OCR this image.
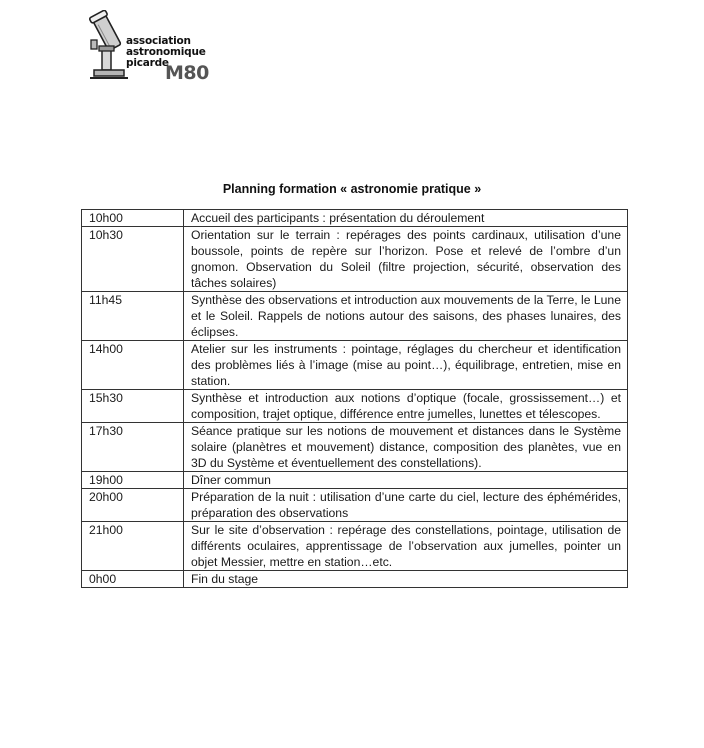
association
astronomique
picarde
M80
Planning formation « astronomie pratique »
10h00	Accueil des participants : présentation du déroulement
10h30	Orientation sur le terrain : repérages des points cardinaux, utilisation d’une boussole, points de repère sur l’horizon. Pose et relevé de l’ombre d’un gnomon. Observation du Soleil (filtre projection, sécurité, observation des tâches solaires)
11h45	Synthèse des observations et introduction aux mouvements de la Terre, le Lune et le Soleil. Rappels de notions autour des saisons, des phases lunaires, des éclipses.
14h00	Atelier sur les instruments : pointage, réglages du chercheur et identification des problèmes liés à l’image (mise au point…), équilibrage, entretien, mise en station.
15h30	Synthèse et introduction aux notions d’optique (focale, grossissement…) et composition, trajet optique, différence entre jumelles, lunettes et télescopes.
17h30	Séance pratique sur les notions de mouvement et distances dans le Système solaire (planètres et mouvement) distance, composition des planètes, vue en 3D du Système et éventuellement des constellations).
19h00	Dîner commun
20h00	Préparation de la nuit : utilisation d’une carte du ciel, lecture des éphémérides, préparation des observations
21h00	Sur le site d’observation : repérage des constellations, pointage, utilisation de différents oculaires, apprentissage de l’observation aux jumelles, pointer un objet Messier, mettre en station…etc.
0h00	Fin du stage
